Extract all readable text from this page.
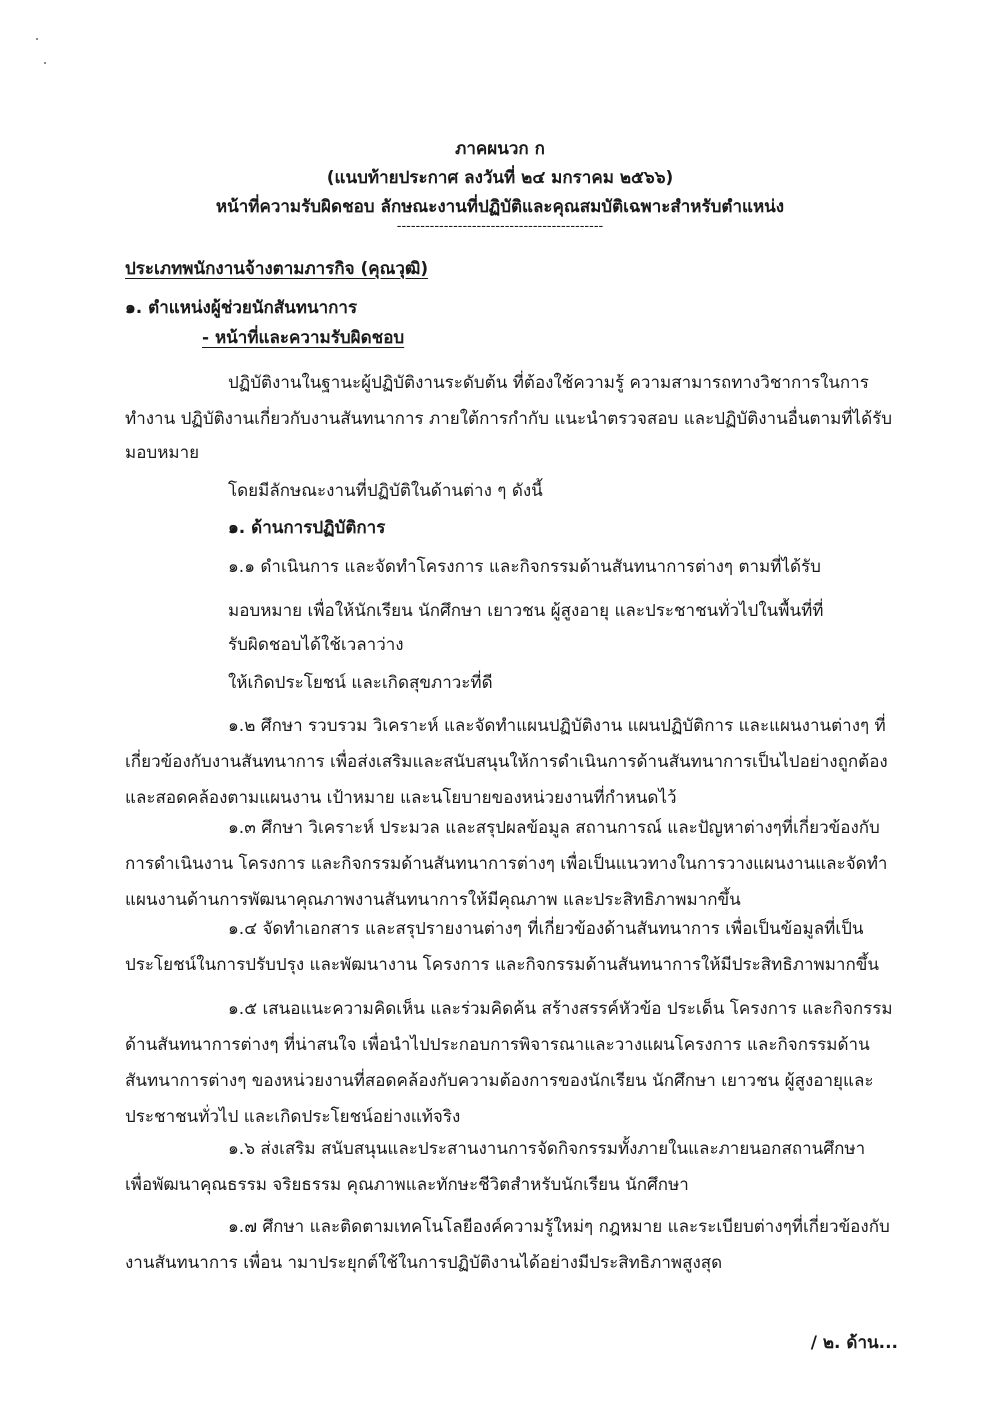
ภาคผนวก ก
(แนบท้ายประกาศ ลงวันที่ ๒๔ มกราคม ๒๕๖๖)
หน้าที่ความรับผิดชอบ ลักษณะงานที่ปฏิบัติและคุณสมบัติเฉพาะสำหรับตำแหน่ง
--------------------------------------------
ประเภทพนักงานจ้างตามภารกิจ (คุณวุฒิ)
๑. ตำแหน่งผู้ช่วยนักสันทนาการ
- หน้าที่และความรับผิดชอบ
ปฏิบัติงานในฐานะผู้ปฏิบัติงานระดับต้น ที่ต้องใช้ความรู้ ความสามารถทางวิชาการในการ
ทำงาน ปฏิบัติงานเกี่ยวกับงานสันทนาการ ภายใต้การกำกับ แนะนำตรวจสอบ และปฏิบัติงานอื่นตามที่ได้รับ
มอบหมาย
โดยมีลักษณะงานที่ปฏิบัติในด้านต่าง ๆ ดังนี้
๑. ด้านการปฏิบัติการ
๑.๑ ดำเนินการ และจัดทำโครงการ และกิจกรรมด้านสันทนาการต่างๆ ตามที่ได้รับ
มอบหมาย เพื่อให้นักเรียน นักศึกษา เยาวชน ผู้สูงอายุ และประชาชนทั่วไปในพื้นที่ที่
รับผิดชอบได้ใช้เวลาว่าง
ให้เกิดประโยชน์ และเกิดสุขภาวะที่ดี
๑.๒ ศึกษา รวบรวม วิเคราะห์ และจัดทำแผนปฏิบัติงาน แผนปฏิบัติการ และแผนงานต่างๆ ที่
เกี่ยวข้องกับงานสันทนาการ เพื่อส่งเสริมและสนับสนุนให้การดำเนินการด้านสันทนาการเป็นไปอย่างถูกต้อง
และสอดคล้องตามแผนงาน เป้าหมาย และนโยบายของหน่วยงานที่กำหนดไว้
๑.๓ ศึกษา วิเคราะห์ ประมวล และสรุปผลข้อมูล สถานการณ์ และปัญหาต่างๆที่เกี่ยวข้องกับ
การดำเนินงาน โครงการ และกิจกรรมด้านสันทนาการต่างๆ เพื่อเป็นแนวทางในการวางแผนงานและจัดทำ
แผนงานด้านการพัฒนาคุณภาพงานสันทนาการให้มีคุณภาพ และประสิทธิภาพมากขึ้น
๑.๔ จัดทำเอกสาร และสรุปรายงานต่างๆ ที่เกี่ยวข้องด้านสันทนาการ เพื่อเป็นข้อมูลที่เป็น
ประโยชน์ในการปรับปรุง และพัฒนางาน โครงการ และกิจกรรมด้านสันทนาการให้มีประสิทธิภาพมากขึ้น
๑.๕ เสนอแนะความคิดเห็น และร่วมคิดค้น สร้างสรรค์หัวข้อ ประเด็น โครงการ และกิจกรรม
ด้านสันทนาการต่างๆ ที่น่าสนใจ เพื่อนำไปประกอบการพิจารณาและวางแผนโครงการ และกิจกรรมด้าน
สันทนาการต่างๆ ของหน่วยงานที่สอดคล้องกับความต้องการของนักเรียน นักศึกษา เยาวชน ผู้สูงอายุและ
ประชาชนทั่วไป และเกิดประโยชน์อย่างแท้จริง
๑.๖ ส่งเสริม สนับสนุนและประสานงานการจัดกิจกรรมทั้งภายในและภายนอกสถานศึกษา
เพื่อพัฒนาคุณธรรม จริยธรรม คุณภาพและทักษะชีวิตสำหรับนักเรียน นักศึกษา
๑.๗ ศึกษา และติดตามเทคโนโลยีองค์ความรู้ใหม่ๆ กฎหมาย และระเบียบต่างๆที่เกี่ยวข้องกับ
งานสันทนาการ เพื่อน ามาประยุกต์ใช้ในการปฏิบัติงานได้อย่างมีประสิทธิภาพสูงสุด
/ ๒. ด้าน...
